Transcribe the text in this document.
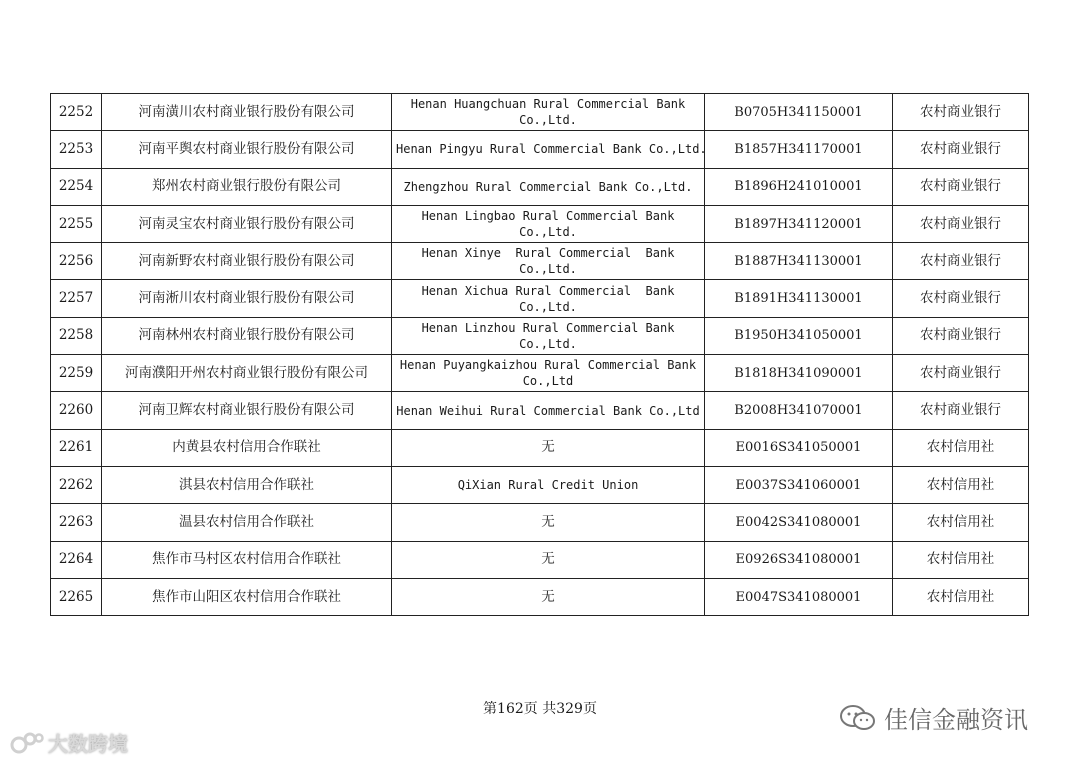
2252	河南潢川农村商业银行股份有限公司	Henan Huangchuan Rural Commercial Bank
Co.,Ltd.	B0705H341150001	农村商业银行
2253	河南平舆农村商业银行股份有限公司	Henan Pingyu Rural Commercial Bank Co.,Ltd.	B1857H341170001	农村商业银行
2254	郑州农村商业银行股份有限公司	Zhengzhou Rural Commercial Bank Co.,Ltd.	B1896H241010001	农村商业银行
2255	河南灵宝农村商业银行股份有限公司	Henan Lingbao Rural Commercial Bank
Co.,Ltd.	B1897H341120001	农村商业银行
2256	河南新野农村商业银行股份有限公司	Henan Xinye  Rural Commercial  Bank
Co.,Ltd.	B1887H341130001	农村商业银行
2257	河南淅川农村商业银行股份有限公司	Henan Xichua Rural Commercial  Bank
Co.,Ltd.	B1891H341130001	农村商业银行
2258	河南林州农村商业银行股份有限公司	Henan Linzhou Rural Commercial Bank
Co.,Ltd.	B1950H341050001	农村商业银行
2259	河南濮阳开州农村商业银行股份有限公司	Henan Puyangkaizhou Rural Commercial Bank
Co.,Ltd	B1818H341090001	农村商业银行
2260	河南卫辉农村商业银行股份有限公司	Henan Weihui Rural Commercial Bank Co.,Ltd	B2008H341070001	农村商业银行
2261	内黄县农村信用合作联社	无	E0016S341050001	农村信用社
2262	淇县农村信用合作联社	QiXian Rural Credit Union	E0037S341060001	农村信用社
2263	温县农村信用合作联社	无	E0042S341080001	农村信用社
2264	焦作市马村区农村信用合作联社	无	E0926S341080001	农村信用社
2265	焦作市山阳区农村信用合作联社	无	E0047S341080001	农村信用社
第162页 共329页
大数跨境
佳信金融资讯
